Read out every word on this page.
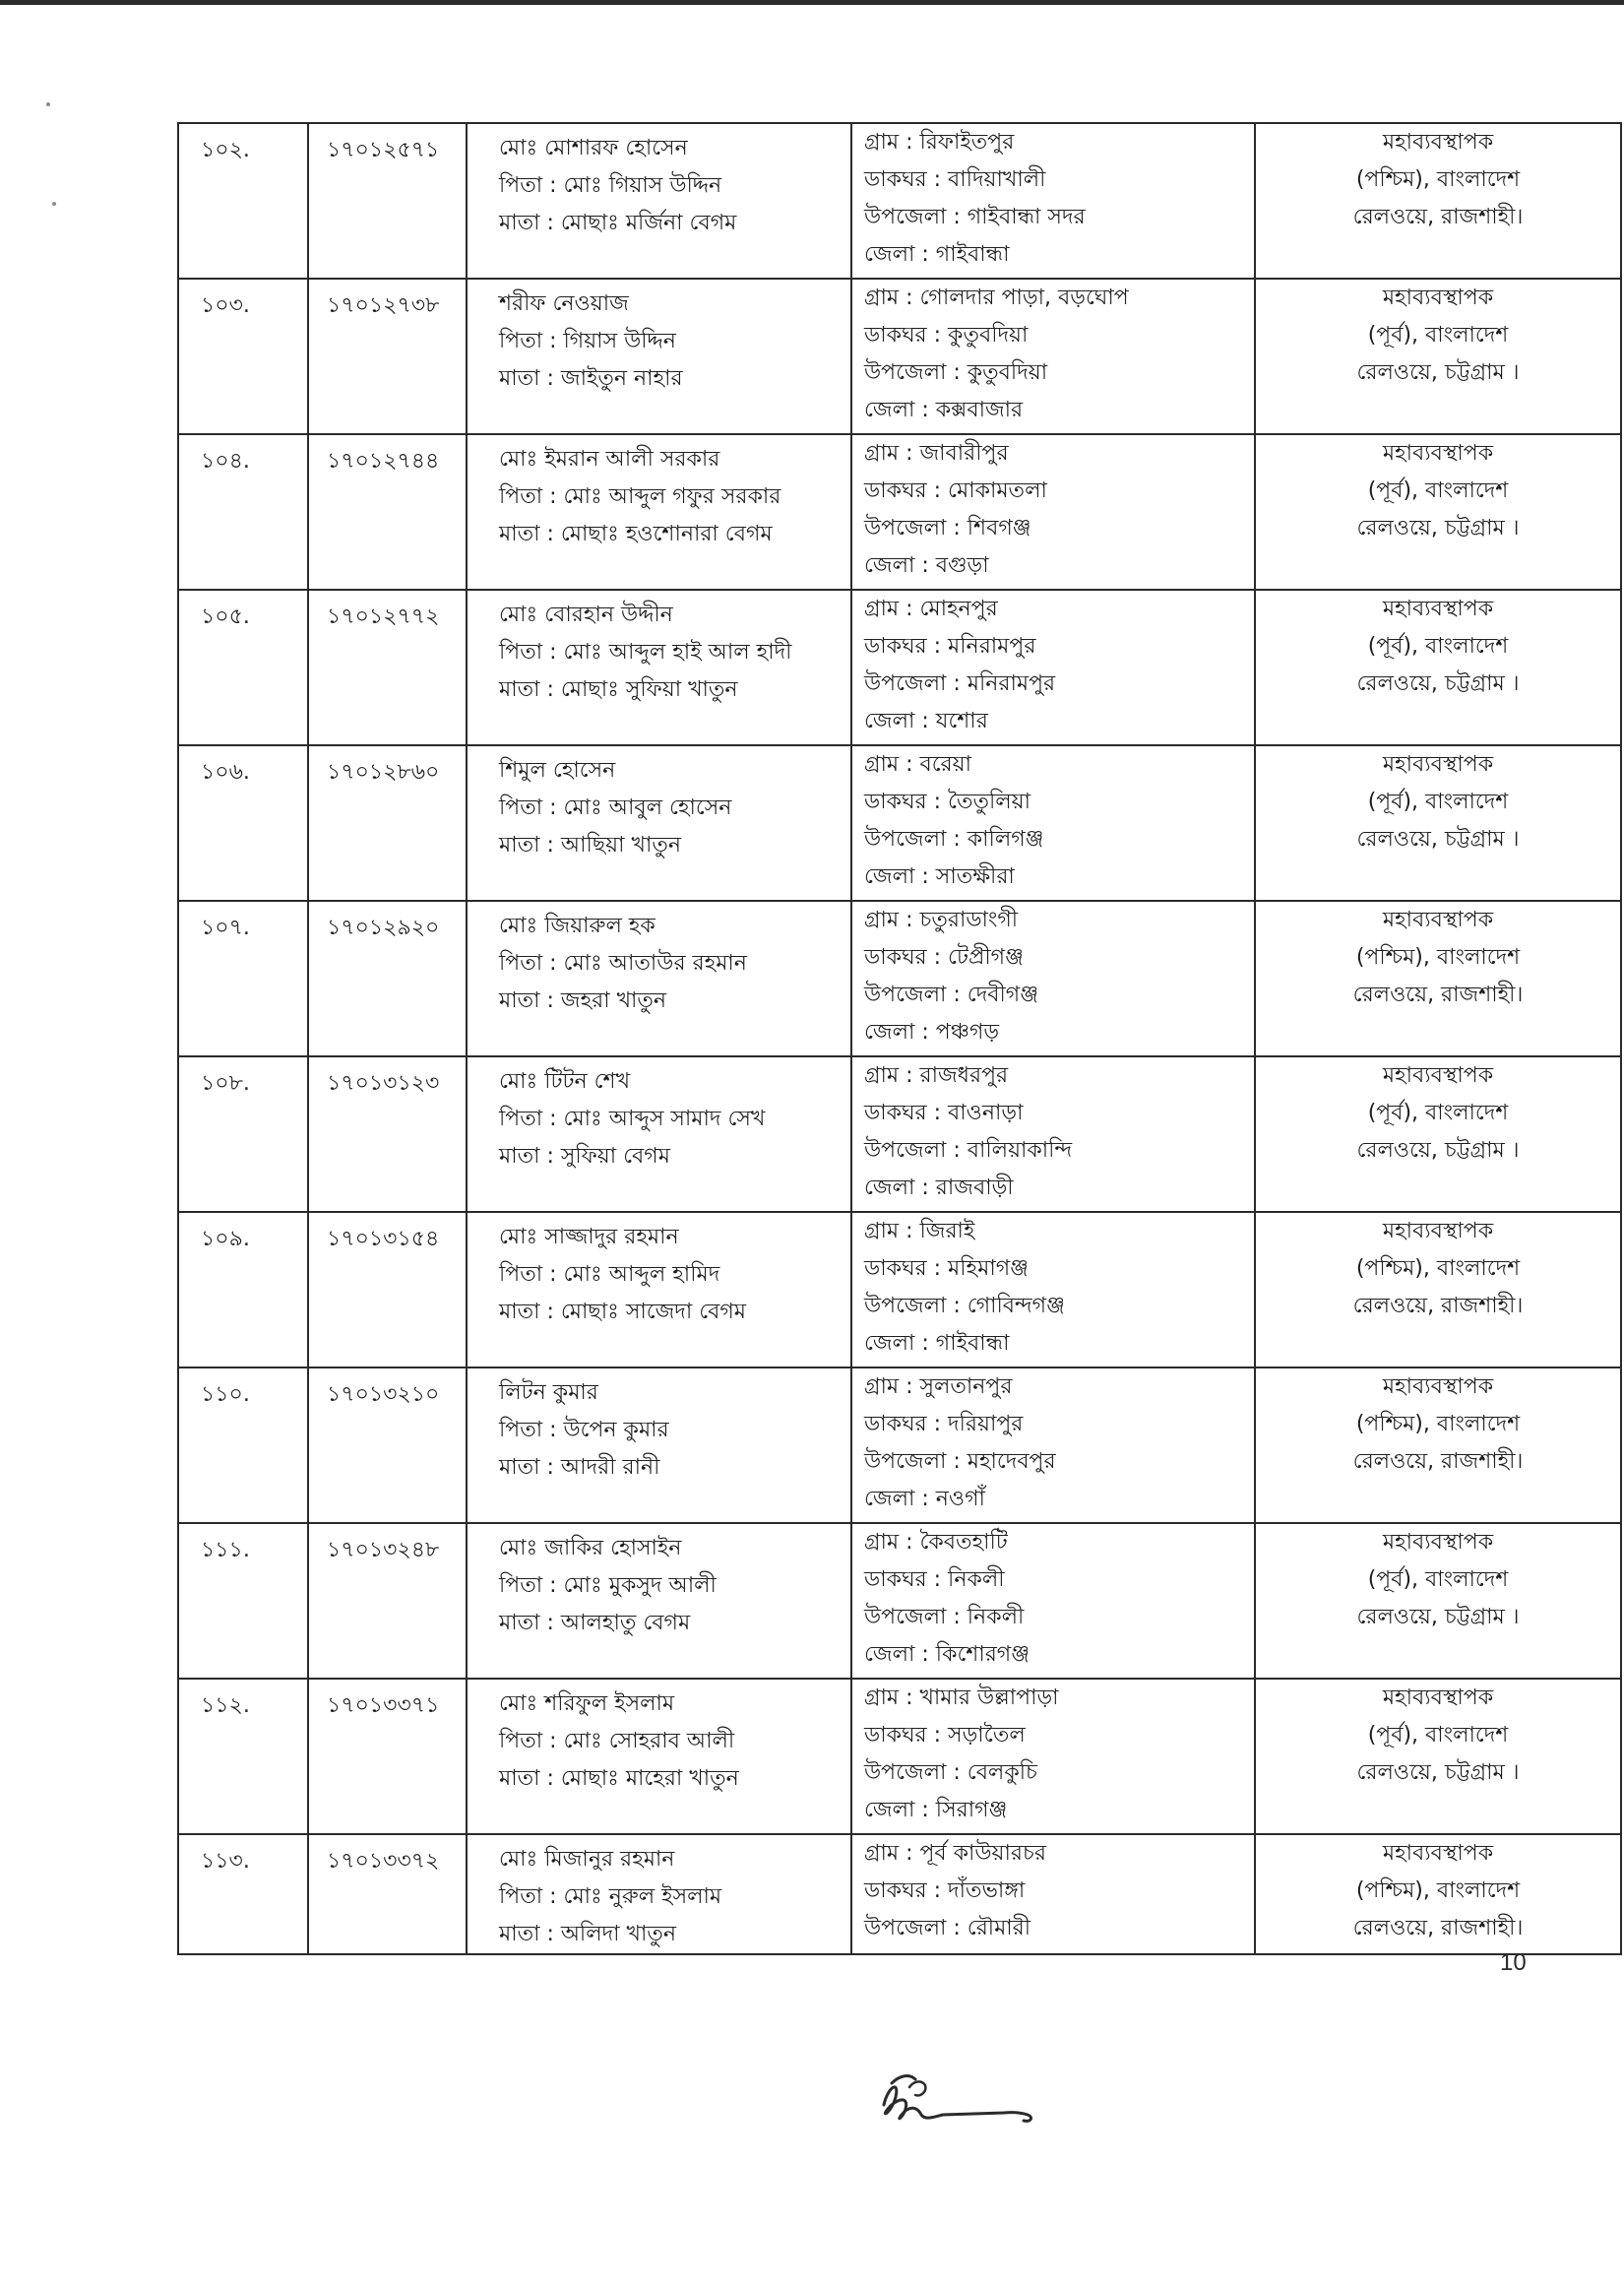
১০২.	১৭০১২৫৭১	মোঃ মোশারফ হোসেন
পিতা : মোঃ গিয়াস উদ্দিন
মাতা : মোছাঃ মর্জিনা বেগম	গ্রাম : রিফাইতপুর
ডাকঘর : বাদিয়াখালী
উপজেলা : গাইবান্ধা সদর
জেলা : গাইবান্ধা	মহাব্যবস্থাপক
(পশ্চিম), বাংলাদেশ
রেলওয়ে, রাজশাহী।

১০৩.	১৭০১২৭৩৮	শরীফ নেওয়াজ
পিতা : গিয়াস উদ্দিন
মাতা : জাইতুন নাহার	গ্রাম : গোলদার পাড়া, বড়ঘোপ
ডাকঘর : কুতুবদিয়া
উপজেলা : কুতুবদিয়া
জেলা : কক্সবাজার	মহাব্যবস্থাপক
(পূর্ব), বাংলাদেশ
রেলওয়ে, চট্টগ্রাম ।

১০৪.	১৭০১২৭৪৪	মোঃ ইমরান আলী সরকার
পিতা : মোঃ আব্দুল গফুর সরকার
মাতা : মোছাঃ হওশোনারা বেগম	গ্রাম : জাবারীপুর
ডাকঘর : মোকামতলা
উপজেলা : শিবগঞ্জ
জেলা : বগুড়া	মহাব্যবস্থাপক
(পূর্ব), বাংলাদেশ
রেলওয়ে, চট্টগ্রাম ।

১০৫.	১৭০১২৭৭২	মোঃ বোরহান উদ্দীন
পিতা : মোঃ আব্দুল হাই আল হাদী
মাতা : মোছাঃ সুফিয়া খাতুন	গ্রাম : মোহনপুর
ডাকঘর : মনিরামপুর
উপজেলা : মনিরামপুর
জেলা : যশোর	মহাব্যবস্থাপক
(পূর্ব), বাংলাদেশ
রেলওয়ে, চট্টগ্রাম ।

১০৬.	১৭০১২৮৬০	শিমুল হোসেন
পিতা : মোঃ আবুল হোসেন
মাতা : আছিয়া খাতুন	গ্রাম : বরেয়া
ডাকঘর : তৈতুলিয়া
উপজেলা : কালিগঞ্জ
জেলা : সাতক্ষীরা	মহাব্যবস্থাপক
(পূর্ব), বাংলাদেশ
রেলওয়ে, চট্টগ্রাম ।

১০৭.	১৭০১২৯২০	মোঃ জিয়ারুল হক
পিতা : মোঃ আতাউর রহমান
মাতা : জহরা খাতুন	গ্রাম : চতুরাডাংগী
ডাকঘর : টেপ্রীগঞ্জ
উপজেলা : দেবীগঞ্জ
জেলা : পঞ্চগড়	মহাব্যবস্থাপক
(পশ্চিম), বাংলাদেশ
রেলওয়ে, রাজশাহী।

১০৮.	১৭০১৩১২৩	মোঃ টিটন শেখ
পিতা : মোঃ আব্দুস সামাদ সেখ
মাতা : সুফিয়া বেগম	গ্রাম : রাজধরপুর
ডাকঘর : বাওনাড়া
উপজেলা : বালিয়াকান্দি
জেলা : রাজবাড়ী	মহাব্যবস্থাপক
(পূর্ব), বাংলাদেশ
রেলওয়ে, চট্টগ্রাম ।

১০৯.	১৭০১৩১৫৪	মোঃ সাজ্জাদুর রহমান
পিতা : মোঃ আব্দুল হামিদ
মাতা : মোছাঃ সাজেদা বেগম	গ্রাম : জিরাই
ডাকঘর : মহিমাগঞ্জ
উপজেলা : গোবিন্দগঞ্জ
জেলা : গাইবান্ধা	মহাব্যবস্থাপক
(পশ্চিম), বাংলাদেশ
রেলওয়ে, রাজশাহী।

১১০.	১৭০১৩২১০	লিটন কুমার
পিতা : উপেন কুমার
মাতা : আদরী রানী	গ্রাম : সুলতানপুর
ডাকঘর : দরিয়াপুর
উপজেলা : মহাদেবপুর
জেলা : নওগাঁ	মহাব্যবস্থাপক
(পশ্চিম), বাংলাদেশ
রেলওয়ে, রাজশাহী।

১১১.	১৭০১৩২৪৮	মোঃ জাকির হোসাইন
পিতা : মোঃ মুকসুদ আলী
মাতা : আলহাতু বেগম	গ্রাম : কৈবতহাটি
ডাকঘর : নিকলী
উপজেলা : নিকলী
জেলা : কিশোরগঞ্জ	মহাব্যবস্থাপক
(পূর্ব), বাংলাদেশ
রেলওয়ে, চট্টগ্রাম ।

১১২.	১৭০১৩৩৭১	মোঃ শরিফুল ইসলাম
পিতা : মোঃ সোহরাব আলী
মাতা : মোছাঃ মাহেরা খাতুন	গ্রাম : খামার উল্লাপাড়া
ডাকঘর : সড়াতৈল
উপজেলা : বেলকুচি
জেলা : সিরাগঞ্জ	মহাব্যবস্থাপক
(পূর্ব), বাংলাদেশ
রেলওয়ে, চট্টগ্রাম ।

১১৩.	১৭০১৩৩৭২	মোঃ মিজানুর রহমান
পিতা : মোঃ নুরুল ইসলাম
মাতা : অলিদা খাতুন	গ্রাম : পূর্ব কাউয়ারচর
ডাকঘর : দাঁতভাঙ্গা
উপজেলা : রৌমারী	মহাব্যবস্থাপক
(পশ্চিম), বাংলাদেশ
রেলওয়ে, রাজশাহী।
10
